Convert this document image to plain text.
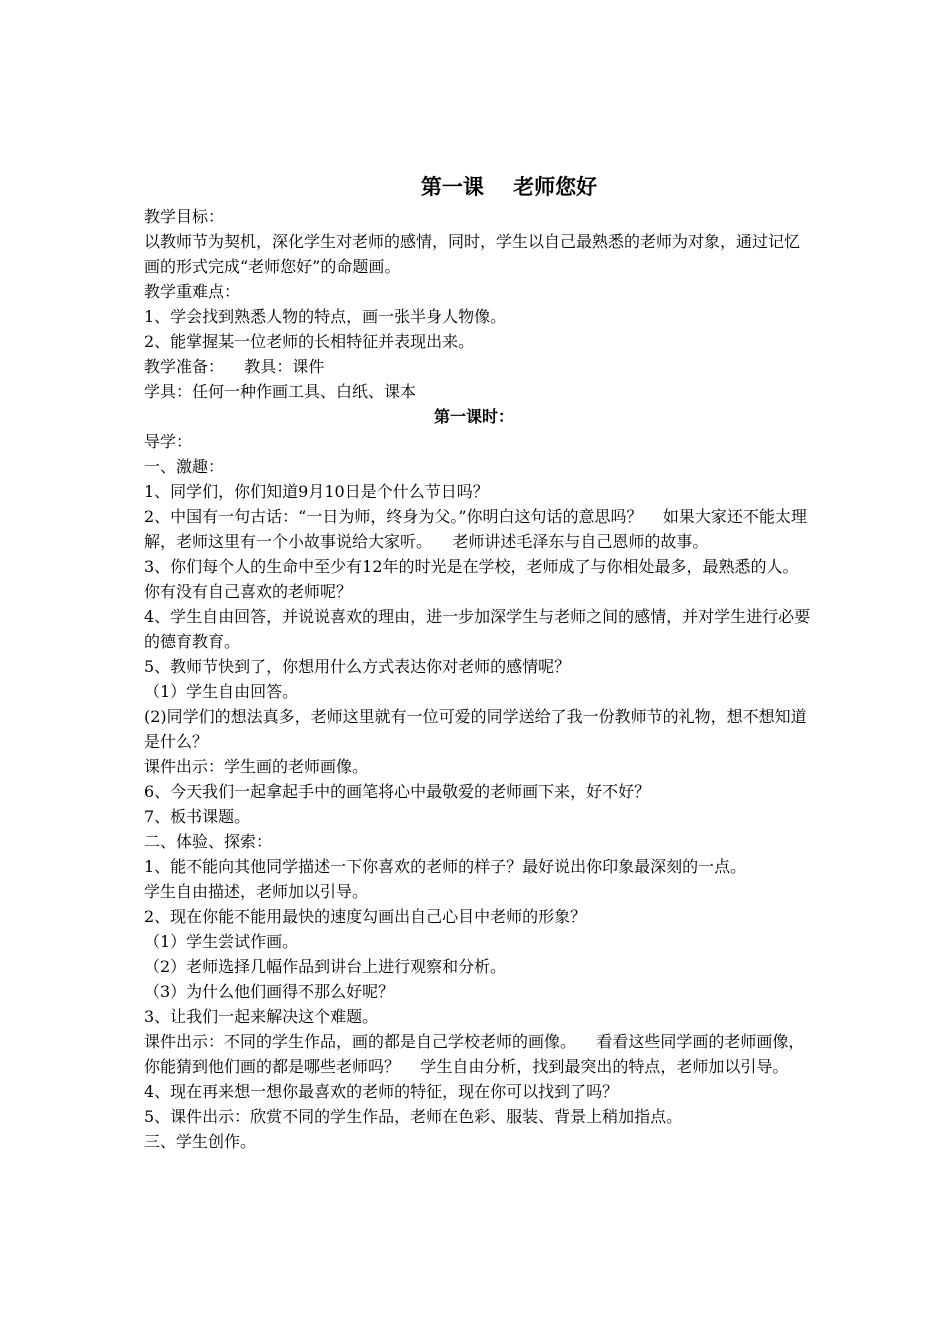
第一课    老师您好
教学目标：
以教师节为契机，深化学生对老师的感情，同时，学生以自己最熟悉的老师为对象，通过记忆画的形式完成“老师您好”的命题画。
教学重难点：
1、学会找到熟悉人物的特点，画一张半身人物像。
2、能掌握某一位老师的长相特征并表现出来。
教学准备：    教具：课件
学具：任何一种作画工具、白纸、课本
第一课时：
导学：
一、激趣：
1、同学们，你们知道9月10日是个什么节日吗？
2、中国有一句古话：“一日为师，终身为父。”你明白这句话的意思吗？    如果大家还不能太理解，老师这里有一个小故事说给大家听。    老师讲述毛泽东与自己恩师的故事。
3、你们每个人的生命中至少有12年的时光是在学校，老师成了与你相处最多，最熟悉的人。你有没有自己喜欢的老师呢？
4、学生自由回答，并说说喜欢的理由，进一步加深学生与老师之间的感情，并对学生进行必要的德育教育。
5、教师节快到了，你想用什么方式表达你对老师的感情呢？
（1）学生自由回答。
(2)同学们的想法真多，老师这里就有一位可爱的同学送给了我一份教师节的礼物，想不想知道是什么？
课件出示：学生画的老师画像。
6、今天我们一起拿起手中的画笔将心中最敬爱的老师画下来，好不好？
7、板书课题。
二、体验、探索：
1、能不能向其他同学描述一下你喜欢的老师的样子？最好说出你印象最深刻的一点。
学生自由描述，老师加以引导。
2、现在你能不能用最快的速度勾画出自己心目中老师的形象？
（1）学生尝试作画。
（2）老师选择几幅作品到讲台上进行观察和分析。
（3）为什么他们画得不那么好呢？
3、让我们一起来解决这个难题。
课件出示：不同的学生作品，画的都是自己学校老师的画像。    看看这些同学画的老师画像，你能猜到他们画的都是哪些老师吗？    学生自由分析，找到最突出的特点，老师加以引导。
4、现在再来想一想你最喜欢的老师的特征，现在你可以找到了吗？
5、课件出示：欣赏不同的学生作品，老师在色彩、服装、背景上稍加指点。
三、学生创作。
